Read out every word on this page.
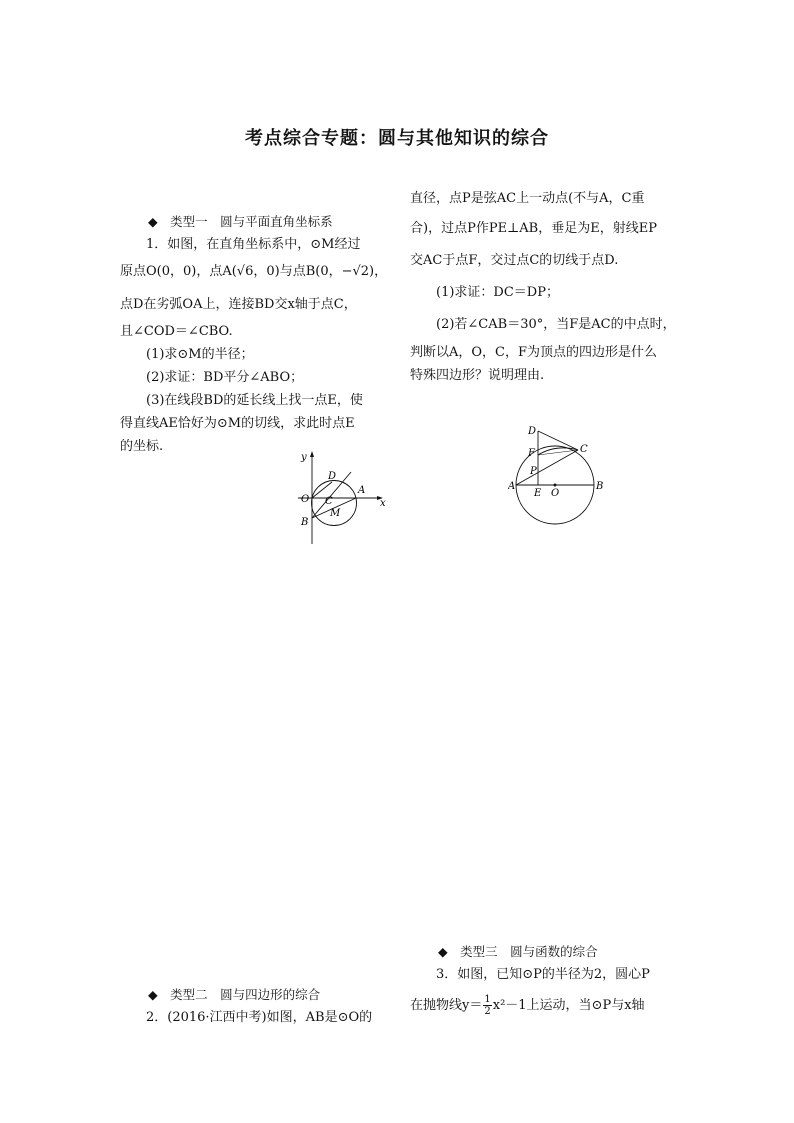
考点综合专题：圆与其他知识的综合

◆　类型一　圆与平面直角坐标系

1．如图，在直角坐标系中，⊙M经过

原点O(0，0)，点A(√6，0)与点B(0，−√2)，

点D在劣弧OA上，连接BD交x轴于点C，

且∠COD＝∠CBO.

(1)求⊙M的半径；

(2)求证：BD平分∠ABO；

(3)在线段BD的延长线上找一点E，使

得直线AE恰好为⊙M的切线，求此时点E

的坐标.

y
x
O
D
C
A
M
B

◆　类型二　圆与四边形的综合

2．(2016·江西中考)如图，AB是⊙O的

直径，点P是弦AC上一动点(不与A，C重

合)，过点P作PE⊥AB，垂足为E，射线EP

交AC于点F，交过点C的切线于点D.

(1)求证：DC＝DP；

(2)若∠CAB＝30°，当F是AC的中点时，

判断以A，O，C，F为顶点的四边形是什么

特殊四边形？说明理由.

D
F	C
P
A
E O
B

◆　类型三　圆与函数的综合

3．如图，已知⊙P的半径为2，圆心P

在抛物线$y= \frac{1}{2} x^2-1$上运动，当⊙P与x轴
